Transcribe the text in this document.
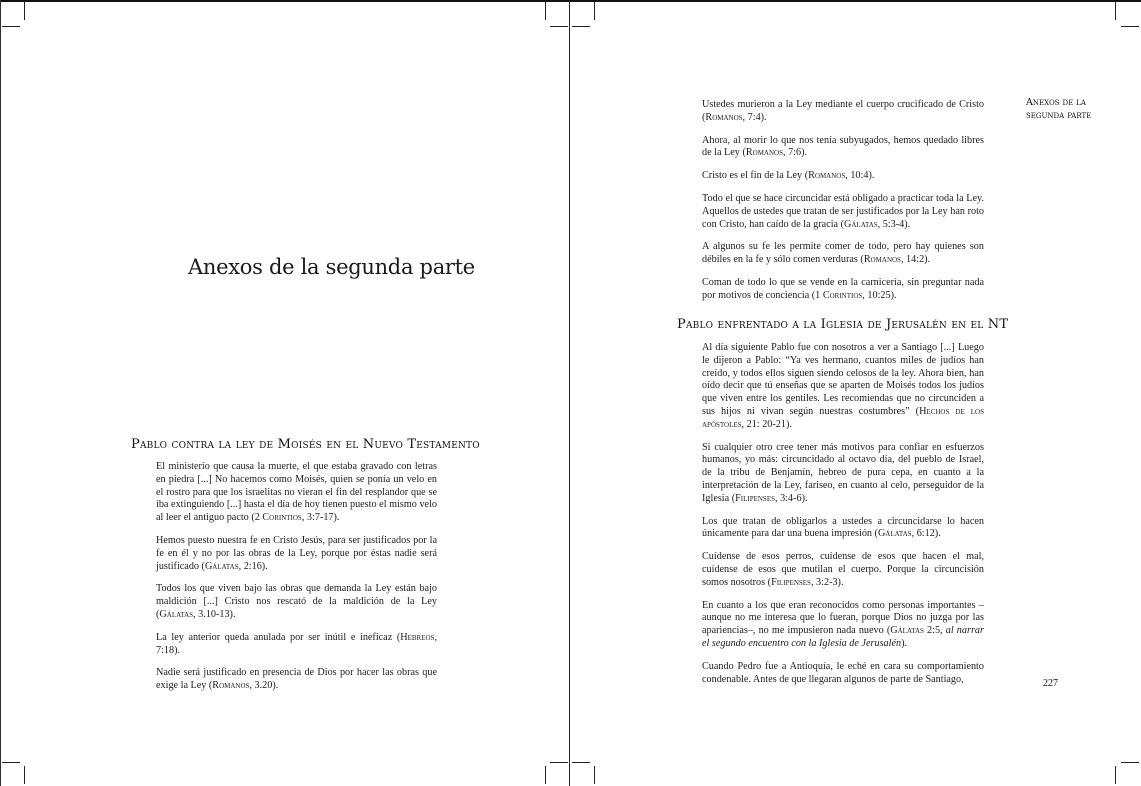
Anexos de la segunda parte
Pablo contra la ley de Moisés en el Nuevo Testamento

El ministerio que causa la muerte, el que estaba gravado con letras en piedra [...] No hacemos como Moisés, quien se ponía un velo en el rostro para que los israelitas no vieran el fin del resplandor que se iba extinguiendo [...] hasta el día de hoy tienen puesto el mismo velo al leer el antiguo pacto (2 Corintios, 3:7-17).

Hemos puesto nuestra fe en Cristo Jesús, para ser justificados por la fe en él y no por las obras de la Ley, porque por éstas nadie será justificado (Gálatas, 2:16).

Todos los que viven bajo las obras que demanda la Ley están bajo maldición [...] Cristo nos rescató de la maldición de la Ley (Gálatas, 3.10-13).

La ley anterior queda anulada por ser inútil e ineficaz (Hebreos, 7:18).

Nadie será justificado en presencia de Dios por hacer las obras que exige la Ley (Romanos, 3.20).

Anexos de la segunda parte

Ustedes murieron a la Ley mediante el cuerpo crucificado de Cristo (Romanos, 7:4).

Ahora, al morir lo que nos tenía subyugados, hemos quedado libres de la Ley (Romanos, 7:6).

Cristo es el fin de la Ley (Romanos, 10:4).

Todo el que se hace circuncidar está obligado a practicar toda la Ley. Aquellos de ustedes que tratan de ser justificados por la Ley han roto con Cristo, han caído de la gracia (Gálatas, 5:3-4).

A algunos su fe les permite comer de todo, pero hay quienes son débiles en la fe y sólo comen verduras (Romanos, 14:2).

Coman de todo lo que se vende en la carnicería, sin preguntar nada por motivos de conciencia (1 Corintios, 10:25).

Pablo enfrentado a la Iglesia de Jerusalén en el NT

Al día siguiente Pablo fue con nosotros a ver a Santiago [...] Luego le dijeron a Pablo: “Ya ves hermano, cuantos miles de judíos han creído, y todos ellos siguen siendo celosos de la ley. Ahora bien, han oído decir que tú enseñas que se aparten de Moisés todos los judíos que viven entre los gentiles. Les recomiendas que no circunciden a sus hijos ni vivan según nuestras costumbres” (Hechos de los apóstoles, 21: 20-21).

Si cualquier otro cree tener más motivos para confiar en esfuerzos humanos, yo más: circuncidado al octavo día, del pueblo de Israel, de la tribu de Benjamín, hebreo de pura cepa, en cuanto a la interpretación de la Ley, fariseo, en cuanto al celo, perseguidor de la Iglesia (Filipenses, 3:4-6).

Los que tratan de obligarlos a ustedes a circuncidarse lo hacen únicamente para dar una buena impresión (Gálatas, 6:12).

Cuídense de esos perros, cuídense de esos que hacen el mal, cuídense de esos que mutilan el cuerpo. Porque la circuncisión somos nosotros (Filipenses, 3:2-3).

En cuanto a los que eran reconocidos como personas importantes –aunque no me interesa que lo fueran, porque Dios no juzga por las apariencias–, no me impusieron nada nuevo (Gálatas 2:5, al narrar el segundo encuentro con la Iglesia de Jerusalén).

Cuando Pedro fue a Antioquía, le eché en cara su comportamiento condenable. Antes de que llegaran algunos de parte de Santiago,	227
